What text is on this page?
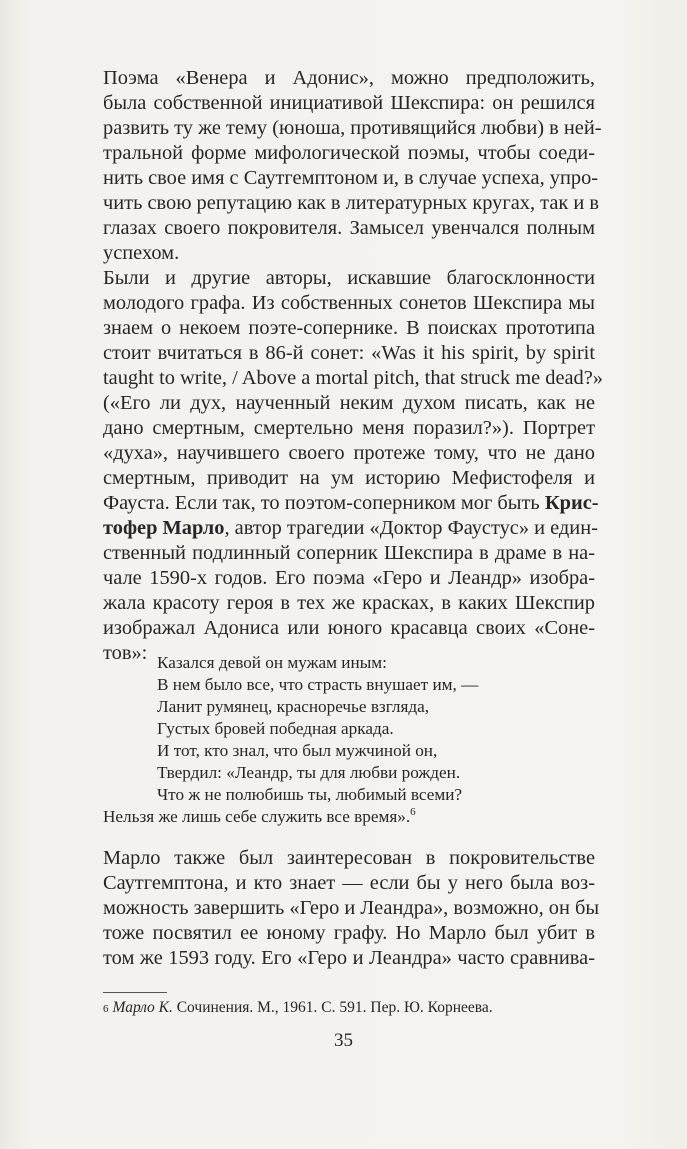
Поэма «Венера и Адонис», можно предположить,
была собственной инициативой Шекспира: он решился
развить ту же тему (юноша, противящийся любви) в ней-
тральной форме мифологической поэмы, чтобы соеди-
нить свое имя с Саутгемптоном и, в случае успеха, упро-
чить свою репутацию как в литературных кругах, так и в
глазах своего покровителя. Замысел увенчался полным
успехом.
Были и другие авторы, искавшие благосклонности
молодого графа. Из собственных сонетов Шекспира мы
знаем о некоем поэте-сопернике. В поисках прототипа
стоит вчитаться в 86-й сонет: «Was it his spirit, by spirit
taught to write, / Above a mortal pitch, that struck me dead?»
(«Его ли дух, наученный неким духом писать, как не
дано смертным, смертельно меня поразил?»). Портрет
«духа», научившего своего протеже тому, что не дано
смертным, приводит на ум историю Мефистофеля и
Фауста. Если так, то поэтом-соперником мог быть Крис-
тофер Марло, автор трагедии «Доктор Фаустус» и един-
ственный подлинный соперник Шекспира в драме в на-
чале 1590-х годов. Его поэма «Геро и Леандр» изобра-
жала красоту героя в тех же красках, в каких Шекспир
изображал Адониса или юного красавца своих «Соне-
тов»: Казался девой он мужам иным:
В нем было все, что страсть внушает им, —
Ланит румянец, красноречье взгляда,
Густых бровей победная аркада.
И тот, кто знал, что был мужчиной он,
Твердил: «Леандр, ты для любви рожден.
Что ж не полюбишь ты, любимый всеми?
Нельзя же лишь себе служить все время».$^6$
Марло также был заинтересован в покровительстве
Саутгемптона, и кто знает — если бы у него была воз-
можность завершить «Геро и Леандра», возможно, он бы
тоже посвятил ее юному графу. Но Марло был убит в
том же 1593 году. Его «Геро и Леандра» часто сравнива-
6 Марло К. Сочинения. М., 1961. С. 591. Пер. Ю. Корнеева.
35
